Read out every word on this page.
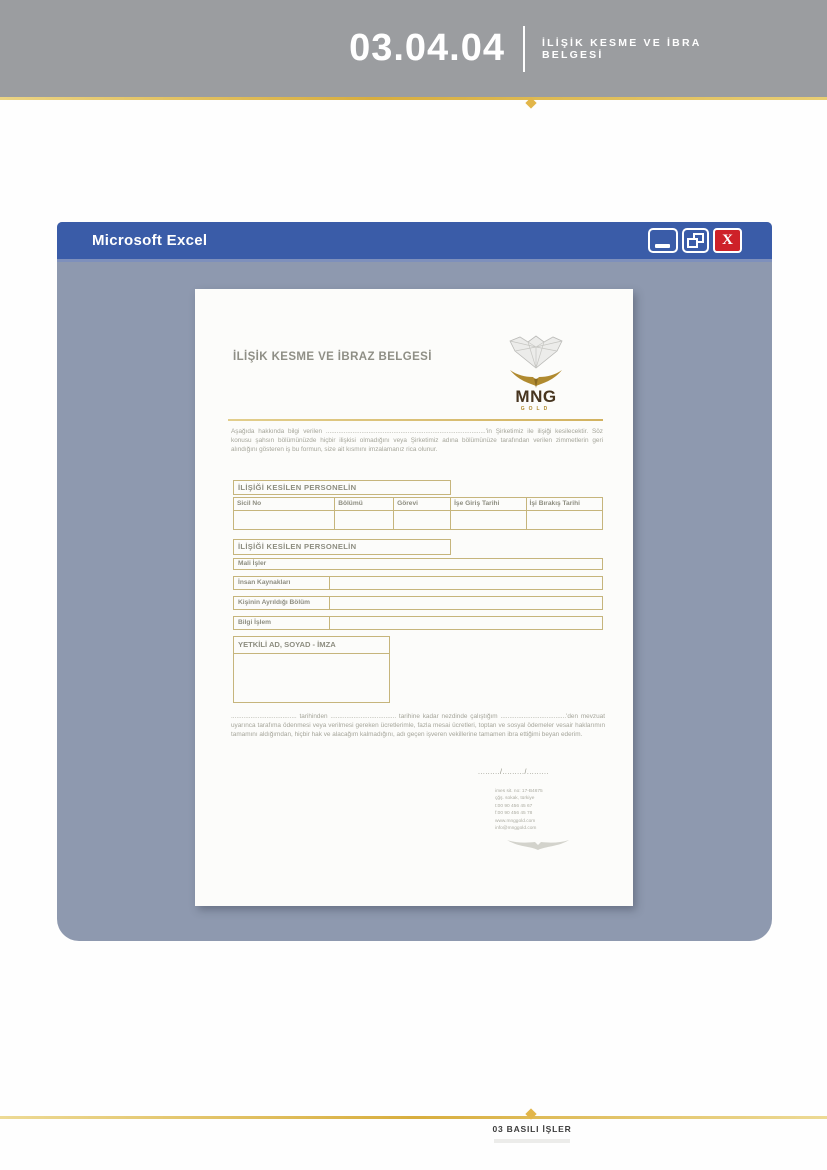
03.04.04	İLİŞİK KESME VE İBRA BELGESİ
Microsoft Excel	X
İLİŞİK KESME VE İBRAZ BELGESİ
MNG
GOLD
Aşağıda hakkında bilgi verilen ..........................................................................................'in Şirketimiz ile ilişiği kesilecektir. Söz konusu şahsın bölümünüzde hiçbir ilişkisi olmadığını veya Şirketimiz adına bölümünüze tarafından verilen zimmetlerin geri alındığını gösteren iş bu formun, size ait kısmını imzalamanız rica olunur.
İLİŞİĞİ KESİLEN PERSONELİN
Sicil No	Bölümü	Görevi	İşe Giriş Tarihi	İşi Bırakış Tarihi
İLİŞİĞİ KESİLEN PERSONELİN
Mali İşler
İnsan Kaynakları
Kişinin Ayrıldığı Bölüm
Bilgi İşlem
YETKİLİ AD, SOYAD - İMZA
..................................... tarihinden ..................................... tarihine kadar nezdinde çalıştığım .....................................'den mevzuat uyarınca tarafıma ödenmesi veya verilmesi gereken ücretlerimle, fazla mesai ücretleri, toptan ve sosyal ödemeler vesair haklarımın tamamını aldığımdan, hiçbir hak ve alacağım kalmadığını, adı geçen işveren vekillerine tamamen ibra ettiğimi beyan ederim.
........./........./.........
imes sit. no: 17-B4675
çğş. sokak, türkiye
t:00 90 456 45 67
f:00 90 456 45 78
www.mnggold.com
info@mnggold.com
03 BASILI İŞLER
